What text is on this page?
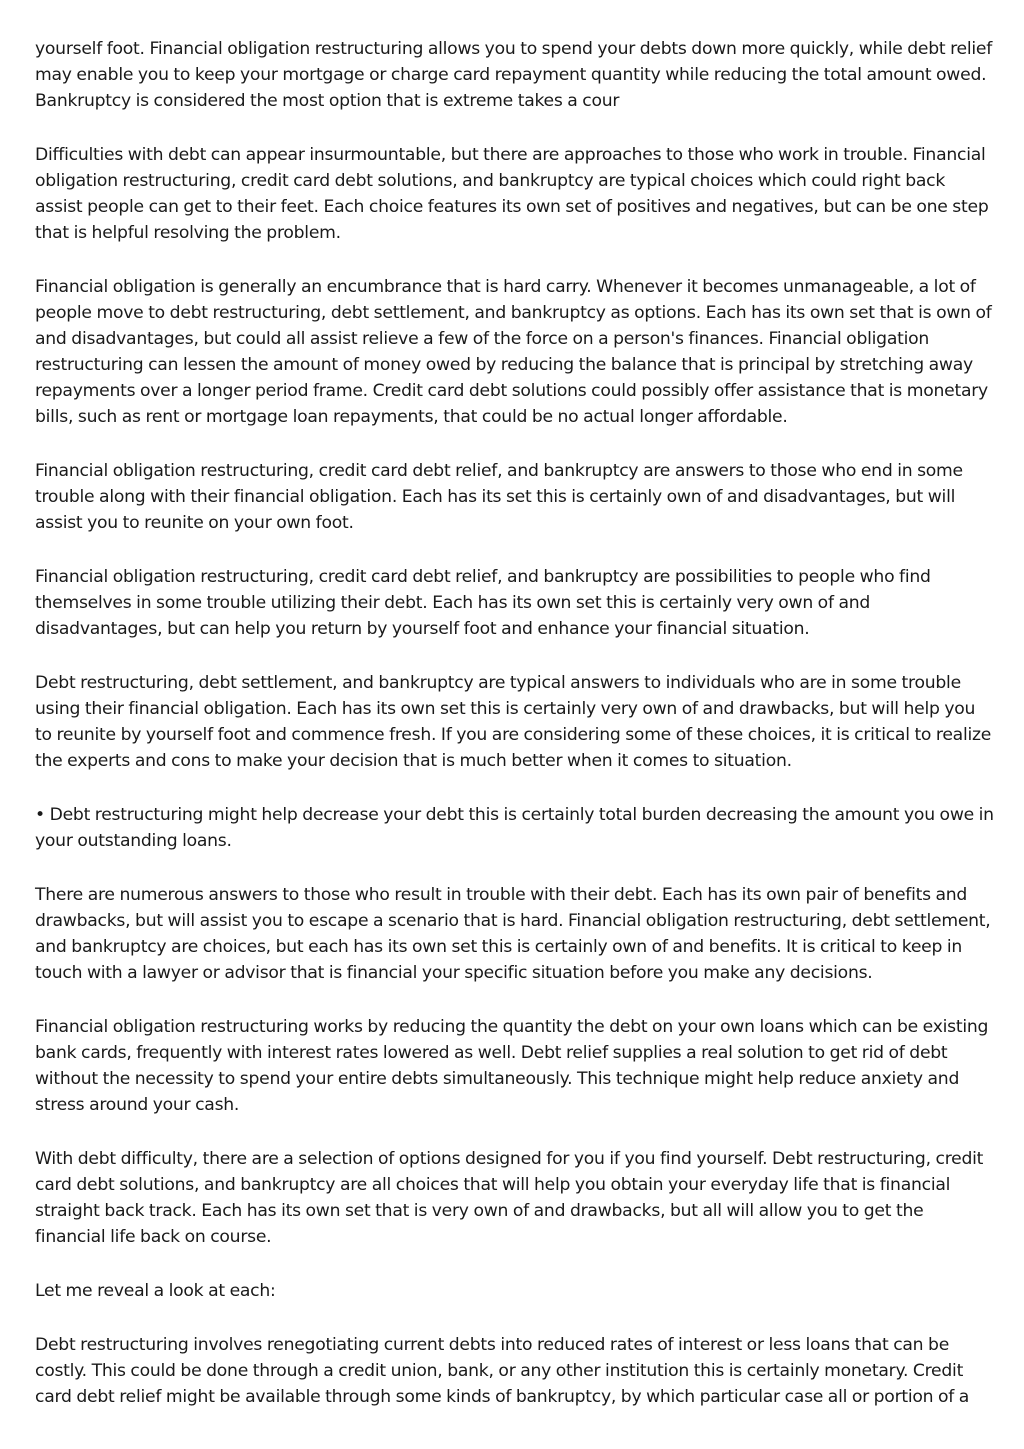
yourself foot. Financial obligation restructuring allows you to spend your debts down more quickly, while debt relief may enable you to keep your mortgage or charge card repayment quantity while reducing the total amount owed. Bankruptcy is considered the most option that is extreme takes a cour

Difficulties with debt can appear insurmountable, but there are approaches to those who work in trouble. Financial obligation restructuring, credit card debt solutions, and bankruptcy are typical choices which could right back assist people can get to their feet. Each choice features its own set of positives and negatives, but can be one step that is helpful resolving the problem.

Financial obligation is generally an encumbrance that is hard carry. Whenever it becomes unmanageable, a lot of people move to debt restructuring, debt settlement, and bankruptcy as options. Each has its own set that is own of and disadvantages, but could all assist relieve a few of the force on a person's finances. Financial obligation restructuring can lessen the amount of money owed by reducing the balance that is principal by stretching away repayments over a longer period frame. Credit card debt solutions could possibly offer assistance that is monetary bills, such as rent or mortgage loan repayments, that could be no actual longer affordable.

Financial obligation restructuring, credit card debt relief, and bankruptcy are answers to those who end in some trouble along with their financial obligation. Each has its set this is certainly own of and disadvantages, but will assist you to reunite on your own foot.

Financial obligation restructuring, credit card debt relief, and bankruptcy are possibilities to people who find themselves in some trouble utilizing their debt. Each has its own set this is certainly very own of and disadvantages, but can help you return by yourself foot and enhance your financial situation.

Debt restructuring, debt settlement, and bankruptcy are typical answers to individuals who are in some trouble using their financial obligation. Each has its own set this is certainly very own of and drawbacks, but will help you to reunite by yourself foot and commence fresh. If you are considering some of these choices, it is critical to realize the experts and cons to make your decision that is much better when it comes to situation.

• Debt restructuring might help decrease your debt this is certainly total burden decreasing the amount you owe in your outstanding loans.

There are numerous answers to those who result in trouble with their debt. Each has its own pair of benefits and drawbacks, but will assist you to escape a scenario that is hard. Financial obligation restructuring, debt settlement, and bankruptcy are choices, but each has its own set this is certainly own of and benefits. It is critical to keep in touch with a lawyer or advisor that is financial your specific situation before you make any decisions.

Financial obligation restructuring works by reducing the quantity the debt on your own loans which can be existing bank cards, frequently with interest rates lowered as well. Debt relief supplies a real solution to get rid of debt without the necessity to spend your entire debts simultaneously. This technique might help reduce anxiety and stress around your cash.

With debt difficulty, there are a selection of options designed for you if you find yourself. Debt restructuring, credit card debt solutions, and bankruptcy are all choices that will help you obtain your everyday life that is financial straight back track. Each has its own set that is very own of and drawbacks, but all will allow you to get the financial life back on course.

Let me reveal a look at each:

Debt restructuring involves renegotiating current debts into reduced rates of interest or less loans that can be costly. This could be done through a credit union, bank, or any other institution this is certainly monetary. Credit card debt relief might be available through some kinds of bankruptcy, by which particular case all or portion of a
